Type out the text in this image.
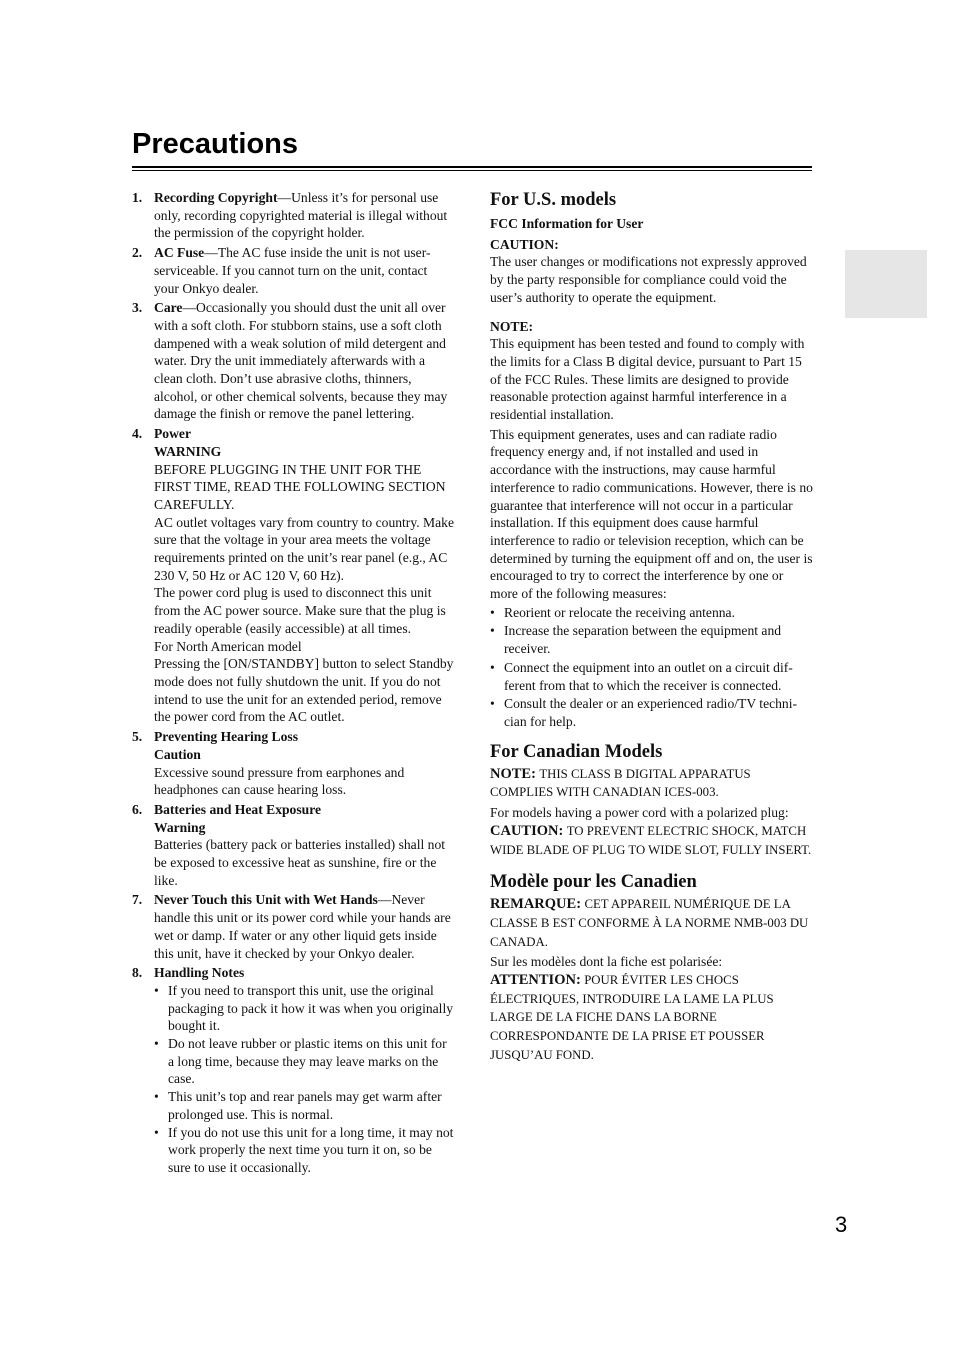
Precautions
1. Recording Copyright—Unless it’s for personal use only, recording copyrighted material is illegal without the permission of the copyright holder.

2. AC Fuse—The AC fuse inside the unit is not user-serviceable. If you cannot turn on the unit, contact your Onkyo dealer.

3. Care—Occasionally you should dust the unit all over with a soft cloth. For stubborn stains, use a soft cloth dampened with a weak solution of mild detergent and water. Dry the unit immediately afterwards with a clean cloth. Don’t use abrasive cloths, thinners, alcohol, or other chemical solvents, because they may damage the finish or remove the panel lettering.

4. Power

WARNING

BEFORE PLUGGING IN THE UNIT FOR THE FIRST TIME, READ THE FOLLOWING SECTION CAREFULLY.

AC outlet voltages vary from country to country. Make sure that the voltage in your area meets the voltage requirements printed on the unit’s rear panel (e.g., AC 230 V, 50 Hz or AC 120 V, 60 Hz).

The power cord plug is used to disconnect this unit from the AC power source. Make sure that the plug is readily operable (easily accessible) at all times.

For North American model

Pressing the [ON/STANDBY] button to select Standby mode does not fully shutdown the unit. If you do not intend to use the unit for an extended period, remove the power cord from the AC outlet.

5. Preventing Hearing Loss

Caution

Excessive sound pressure from earphones and headphones can cause hearing loss.

6. Batteries and Heat Exposure

Warning

Batteries (battery pack or batteries installed) shall not be exposed to excessive heat as sunshine, fire or the like.

7. Never Touch this Unit with Wet Hands—Never handle this unit or its power cord while your hands are wet or damp. If water or any other liquid gets inside this unit, have it checked by your Onkyo dealer.

8. Handling Notes

• If you need to transport this unit, use the original packaging to pack it how it was when you originally bought it.
• Do not leave rubber or plastic items on this unit for a long time, because they may leave marks on the case.
• This unit’s top and rear panels may get warm after prolonged use. This is normal.
• If you do not use this unit for a long time, it may not work properly the next time you turn it on, so be sure to use it occasionally.
For U.S. models

FCC Information for User

CAUTION:

The user changes or modifications not expressly approved by the party responsible for compliance could void the user’s authority to operate the equipment.

NOTE:

This equipment has been tested and found to comply with the limits for a Class B digital device, pursuant to Part 15 of the FCC Rules. These limits are designed to provide reasonable protection against harmful interference in a residential installation.

This equipment generates, uses and can radiate radio frequency energy and, if not installed and used in accordance with the instructions, may cause harmful interference to radio communications. However, there is no guarantee that interference will not occur in a particular installation. If this equipment does cause harmful interference to radio or television reception, which can be determined by turning the equipment off and on, the user is encouraged to try to correct the interference by one or more of the following measures:

• Reorient or relocate the receiving antenna.
• Increase the separation between the equipment and receiver.
• Connect the equipment into an outlet on a circuit dif-ferent from that to which the receiver is connected.
• Consult the dealer or an experienced radio/TV techni-cian for help.
For Canadian Models

NOTE: THIS CLASS B DIGITAL APPARATUS COMPLIES WITH CANADIAN ICES-003.

For models having a power cord with a polarized plug:

CAUTION: TO PREVENT ELECTRIC SHOCK, MATCH WIDE BLADE OF PLUG TO WIDE SLOT, FULLY INSERT.

Modèle pour les Canadien

REMARQUE: CET APPAREIL NUMÉRIQUE DE LA CLASSE B EST CONFORME À LA NORME NMB-003 DU CANADA.

Sur les modèles dont la fiche est polarisée:

ATTENTION: POUR ÉVITER LES CHOCS ÉLECTRIQUES, INTRODUIRE LA LAME LA PLUS LARGE DE LA FICHE DANS LA BORNE CORRESPONDANTE DE LA PRISE ET POUSSER JUSQU’AU FOND.

3
